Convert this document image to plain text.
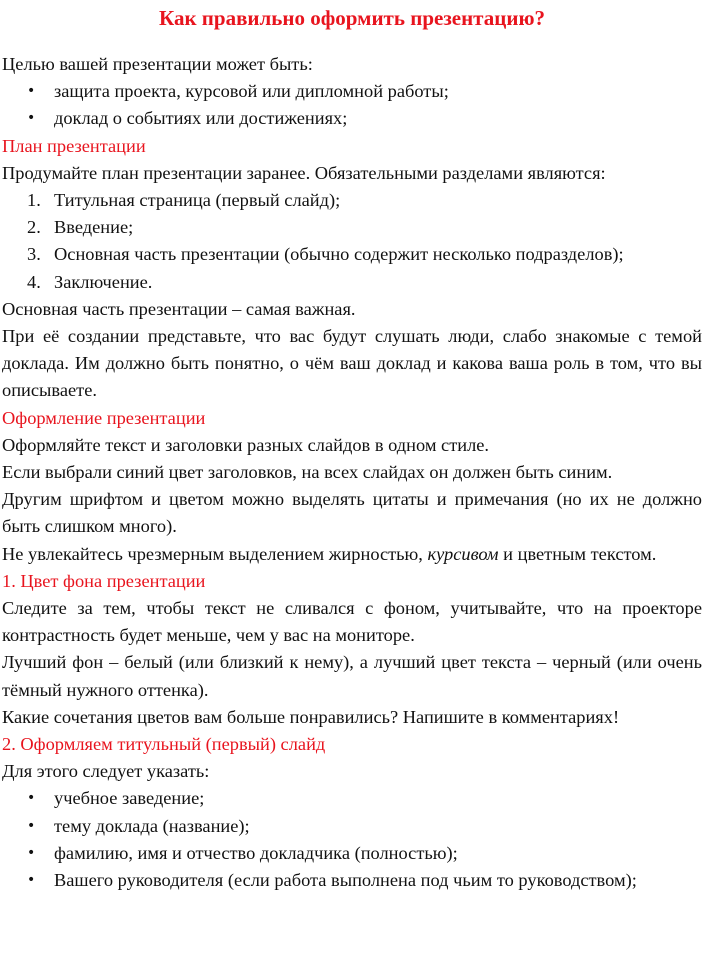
Как правильно оформить презентацию?

Целью вашей презентации может быть:

• защита проекта, курсовой или дипломной работы;
• доклад о событиях или достижениях;

План презентации

Продумайте план презентации заранее. Обязательными разделами являются:

1. Титульная страница (первый слайд);
2. Введение;
3. Основная часть презентации (обычно содержит несколько подразделов);
4. Заключение.

Основная часть презентации – самая важная.

При её создании представьте, что вас будут слушать люди, слабо знакомые с темой доклада. Им должно быть понятно, о чём ваш доклад и какова ваша роль в том, что вы описываете.

Оформление презентации

Оформляйте текст и заголовки разных слайдов в одном стиле.

Если выбрали синий цвет заголовков, на всех слайдах он должен быть синим.

Другим шрифтом и цветом можно выделять цитаты и примечания (но их не должно быть слишком много).

Не увлекайтесь чрезмерным выделением жирностью, курсивом и цветным текстом.

1. Цвет фона презентации

Следите за тем, чтобы текст не сливался с фоном, учитывайте, что на проекторе контрастность будет меньше, чем у вас на мониторе.

Лучший фон – белый (или близкий к нему), а лучший цвет текста – черный (или очень тёмный нужного оттенка).

Какие сочетания цветов вам больше понравились? Напишите в комментариях!

2. Оформляем титульный (первый) слайд

Для этого следует указать:

• учебное заведение;
• тему доклада (название);
• фамилию, имя и отчество докладчика (полностью);
• Вашего руководителя (если работа выполнена под чьим то руководством);
